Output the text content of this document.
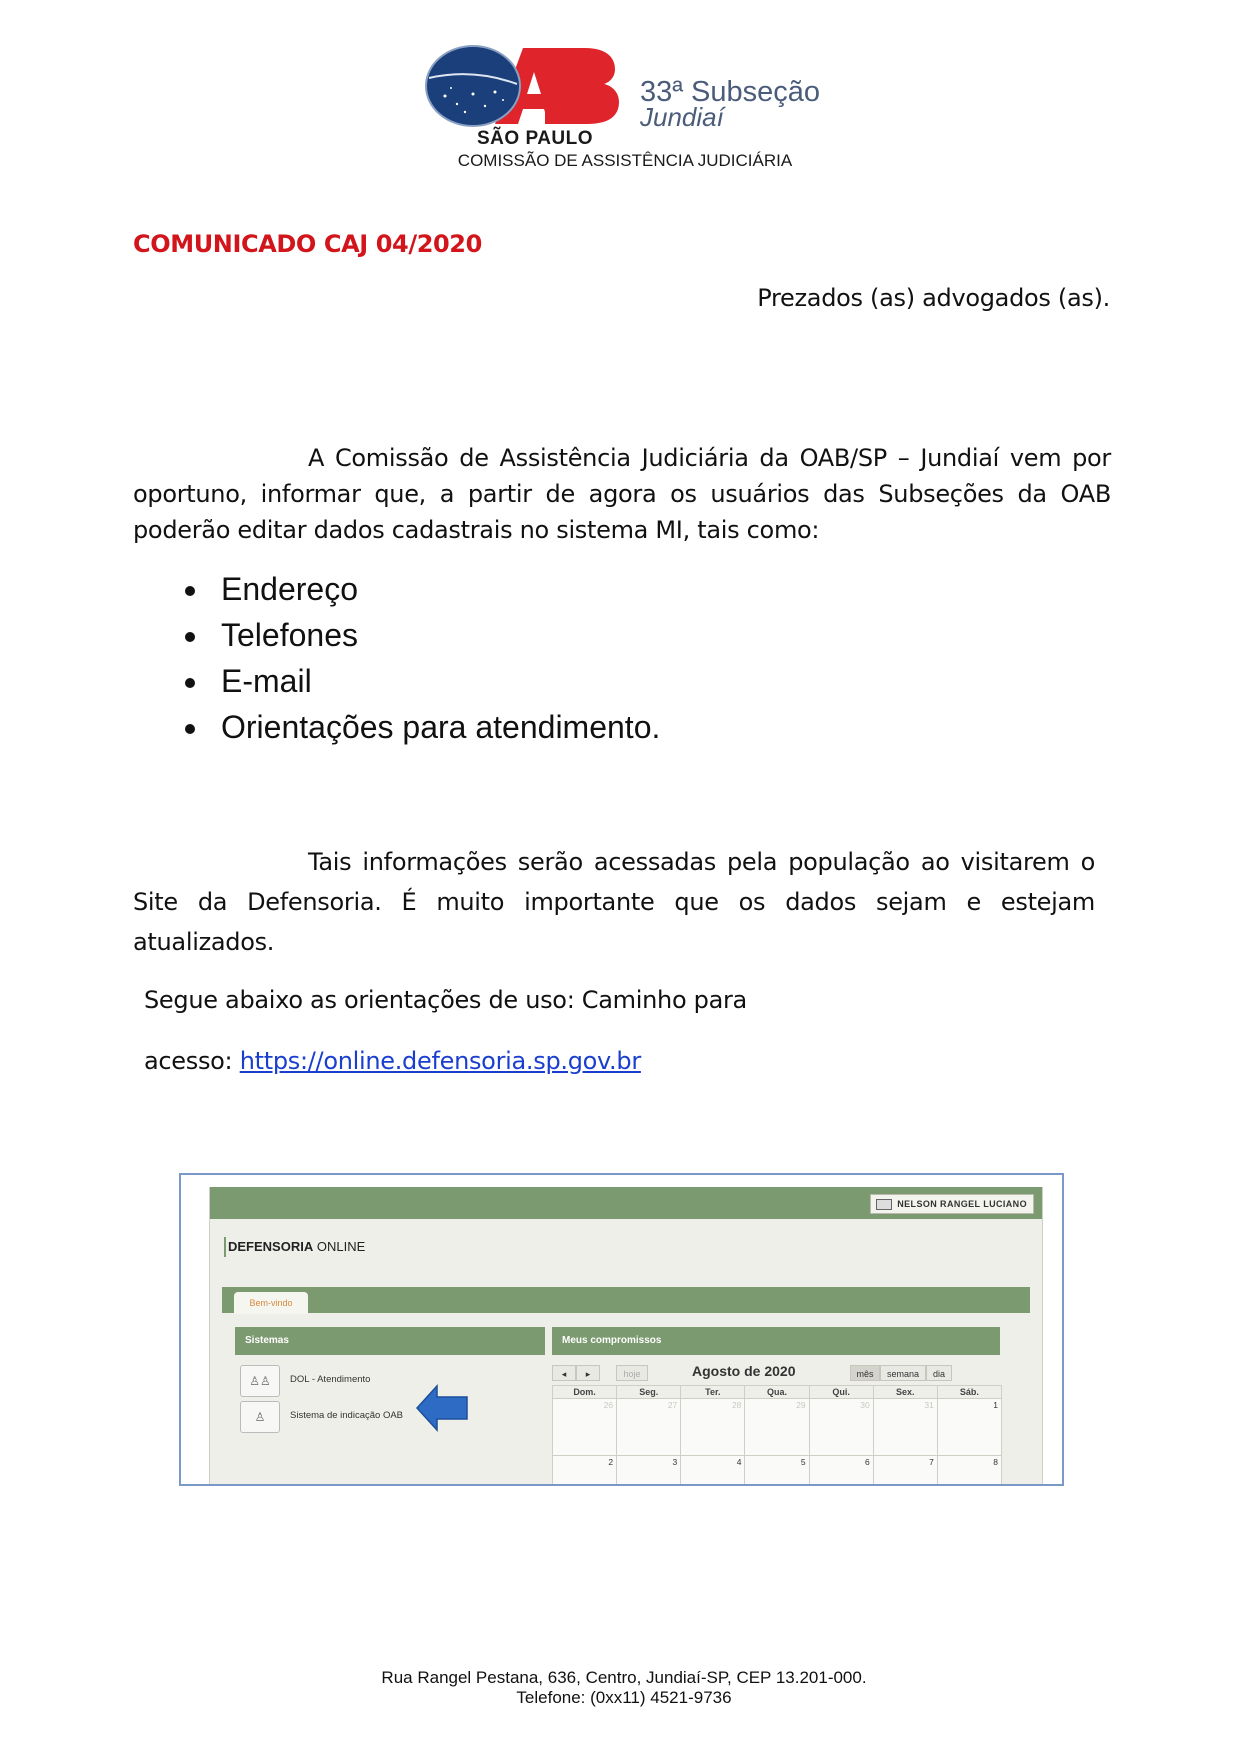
33ª Subseção
Jundiaí
SÃO PAULO
COMISSÃO DE ASSISTÊNCIA JUDICIÁRIA
COMUNICADO CAJ 04/2020
Prezados (as) advogados (as).
A Comissão de Assistência Judiciária da OAB/SP – Jundiaí vem por oportuno, informar que, a partir de agora os usuários das Subseções da OAB poderão editar dados cadastrais no sistema MI, tais como:
Endereço
Telefones
E-mail
Orientações para atendimento.
Tais informações serão acessadas pela população ao visitarem o Site da Defensoria. É muito importante que os dados sejam e estejam atualizados.
Segue abaixo as orientações de uso: Caminho para
acesso: https://online.defensoria.sp.gov.br
NELSON RANGEL LUCIANO
DEFENSORIA ONLINE
Bem-vindo
Sistemas
♙♙	DOL - Atendimento
♙	Sistema de indicação OAB
Meus compromissos
◂	▸	hoje	Agosto de 2020	mês	semana	dia
Dom.	Seg.	Ter.	Qua.	Qui.	Sex.	Sáb.
26	27	28	29	30	31	1
2	3	4	5	6	7	8
Rua Rangel Pestana, 636, Centro, Jundiaí-SP, CEP 13.201-000.
Telefone: (0xx11) 4521-9736
